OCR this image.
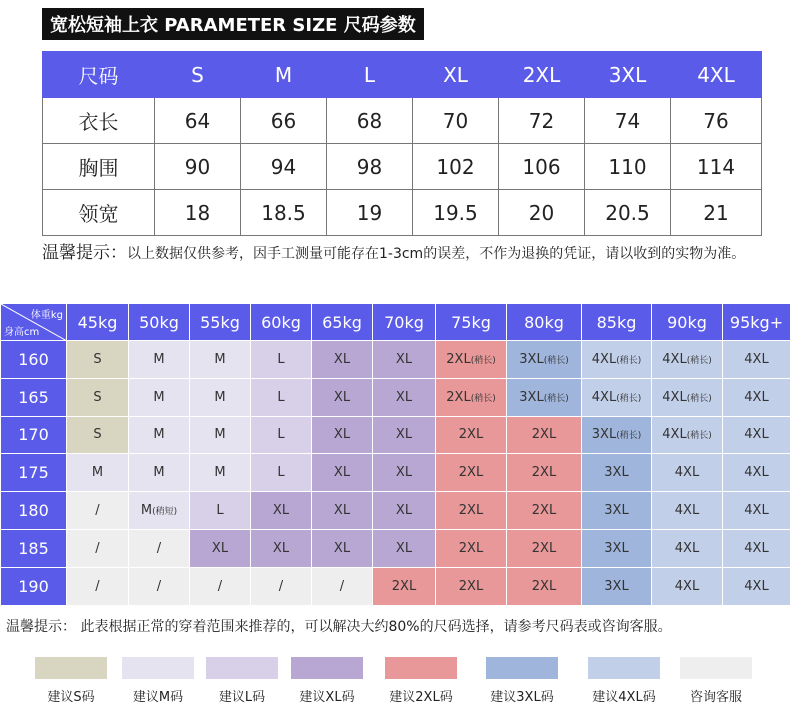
宽松短袖上衣 PARAMETER SIZE 尺码参数
尺码	S	M	L	XL	2XL	3XL	4XL
衣长	64	66	68	70	72	74	76
胸围	90	94	98	102	106	110	114
领宽	18	18.5	19	19.5	20	20.5	21
温馨提示：以上数据仅供参考，因手工测量可能存在1-3cm的误差，不作为退换的凭证，请以收到的实物为准。
体重kg
身高cm	45kg	50kg	55kg	60kg	65kg	70kg	75kg	80kg	85kg	90kg	95kg+
160	S	M	M	L	XL	XL	2XL(稍长)	3XL(稍长)	4XL(稍长)	4XL(稍长)	4XL
165	S	M	M	L	XL	XL	2XL(稍长)	3XL(稍长)	4XL(稍长)	4XL(稍长)	4XL
170	S	M	M	L	XL	XL	2XL	2XL	3XL(稍长)	4XL(稍长)	4XL
175	M	M	M	L	XL	XL	2XL	2XL	3XL	4XL	4XL
180	/	M(稍短)	L	XL	XL	XL	2XL	2XL	3XL	4XL	4XL
185	/	/	XL	XL	XL	XL	2XL	2XL	3XL	4XL	4XL
190	/	/	/	/	/	2XL	2XL	2XL	3XL	4XL	4XL
温馨提示： 此表根据正常的穿着范围来推荐的，可以解决大约80%的尺码选择，请参考尺码表或咨询客服。
建议S码	建议M码	建议L码	建议XL码	建议2XL码	建议3XL码	建议4XL码	咨询客服
